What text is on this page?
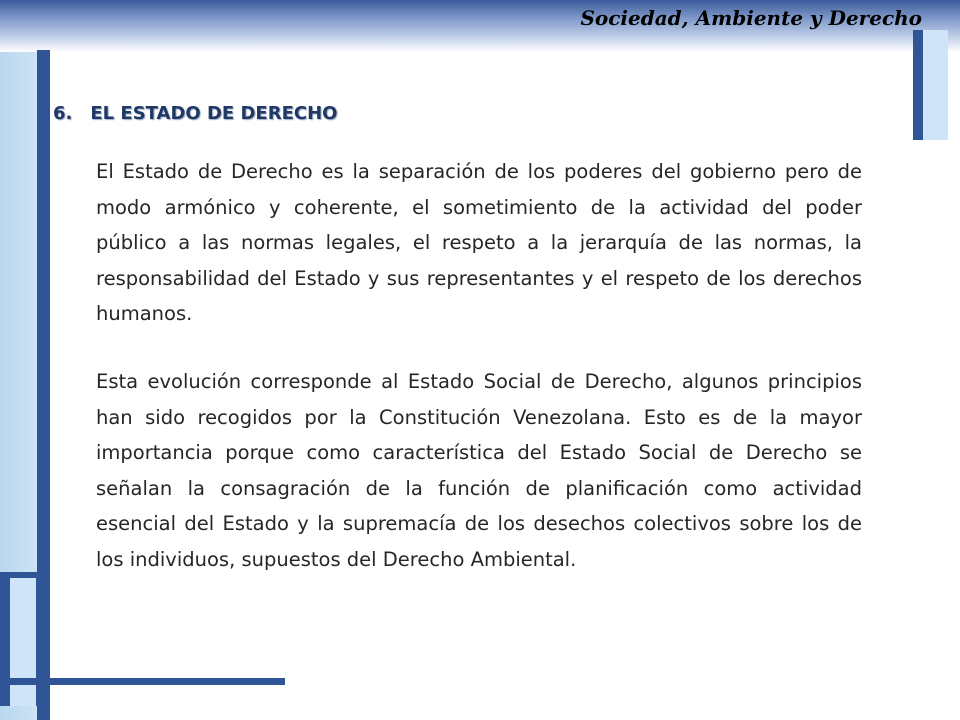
Sociedad, Ambiente y Derecho
6. EL ESTADO DE DERECHO

El Estado de Derecho es la separación de los poderes del gobierno pero de modo armónico y coherente, el sometimiento de la actividad del poder público a las normas legales, el respeto a la jerarquía de las normas, la responsabilidad del Estado y sus representantes y el respeto de los derechos humanos.

Esta evolución corresponde al Estado Social de Derecho, algunos principios han sido recogidos por la Constitución Venezolana. Esto es de la mayor importancia porque como característica del Estado Social de Derecho se señalan la consagración de la función de planificación como actividad esencial del Estado y la supremacía de los desechos colectivos sobre los de los individuos, supuestos del Derecho Ambiental.
